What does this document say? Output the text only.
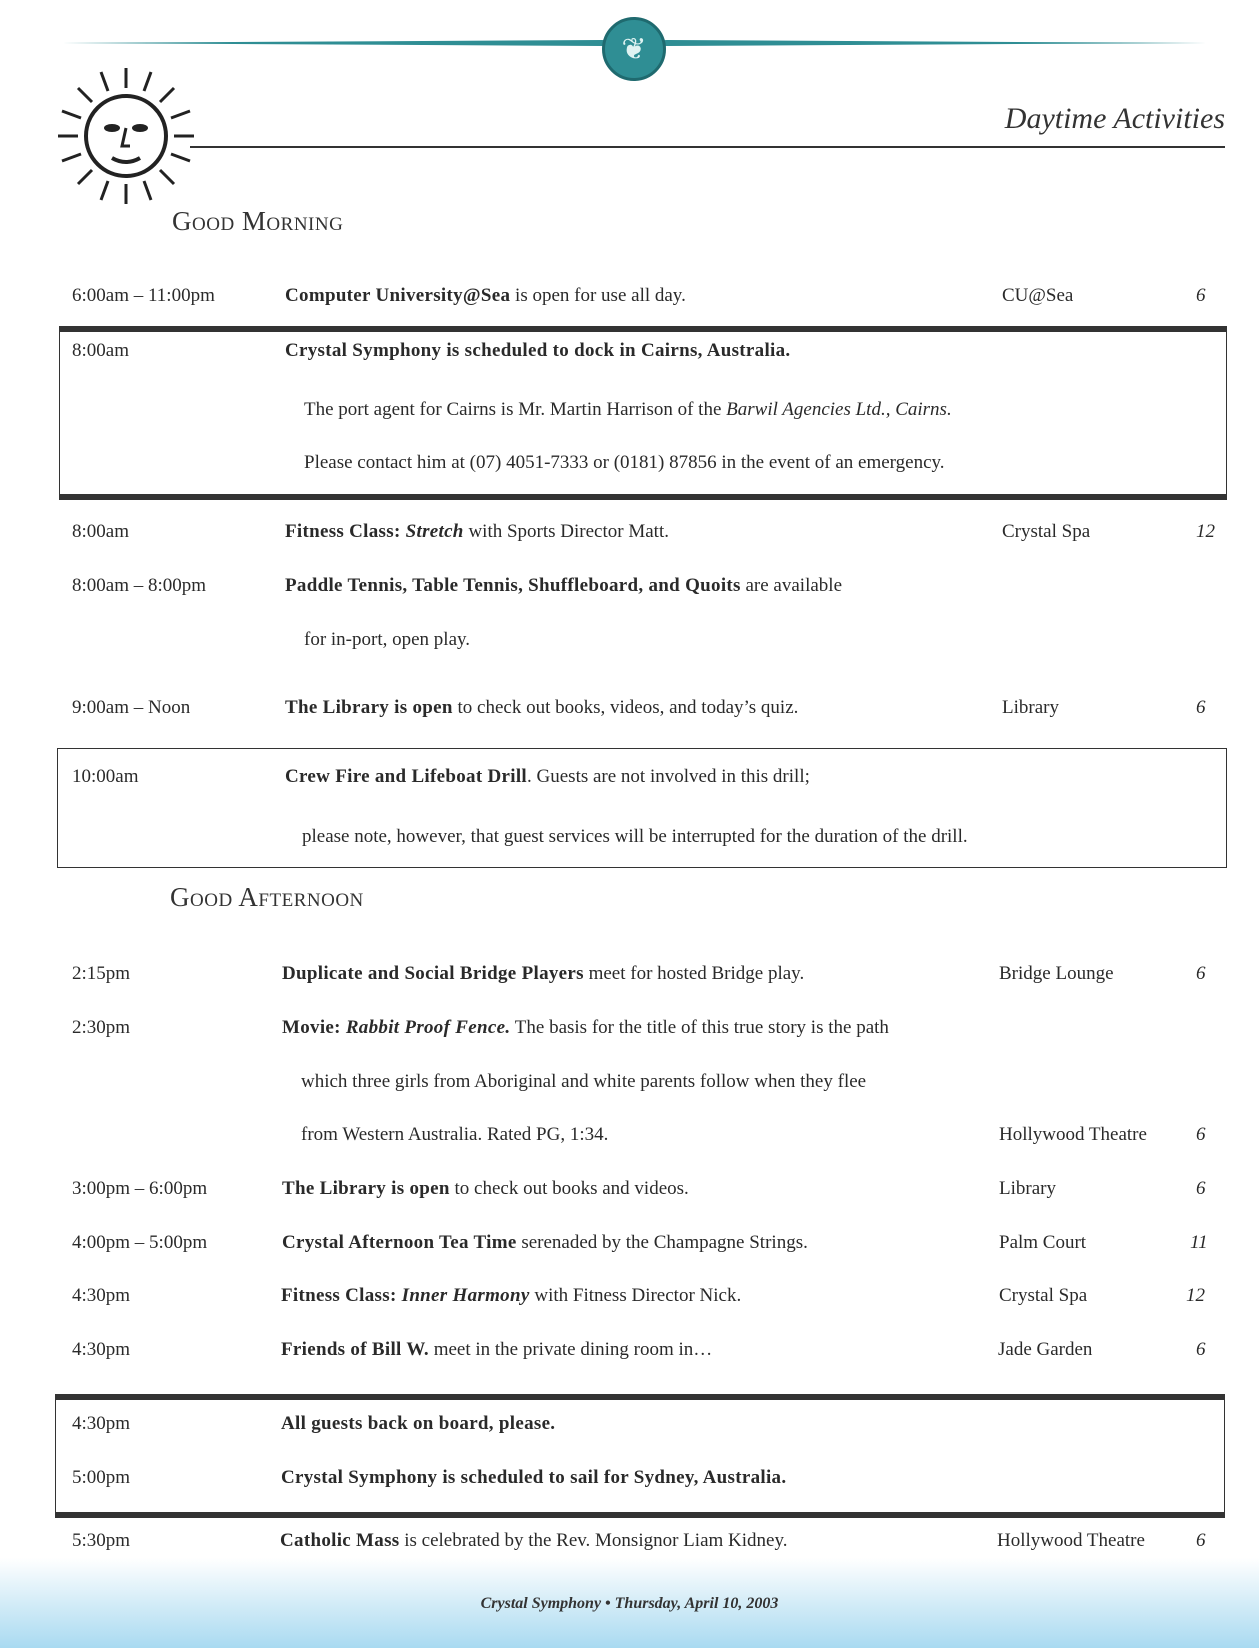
❦
Daytime Activities
Good Morning
6:00am – 11:00pm	Computer University@Sea is open for use all day.	CU@Sea	6
8:00am	Crystal Symphony is scheduled to dock in Cairns, Australia.
The port agent for Cairns is Mr. Martin Harrison of the Barwil Agencies Ltd., Cairns.
Please contact him at (07) 4051-7333 or (0181) 87856 in the event of an emergency.
8:00am	Fitness Class: Stretch with Sports Director Matt.	Crystal Spa	12
8:00am – 8:00pm	Paddle Tennis, Table Tennis, Shuffleboard, and Quoits are available
for in-port, open play.
9:00am – Noon	The Library is open to check out books, videos, and today’s quiz.	Library	6
10:00am	Crew Fire and Lifeboat Drill. Guests are not involved in this drill;
please note, however, that guest services will be interrupted for the duration of the drill.
Good Afternoon
2:15pm	Duplicate and Social Bridge Players meet for hosted Bridge play.	Bridge Lounge	6
2:30pm	Movie: Rabbit Proof Fence. The basis for the title of this true story is the path
which three girls from Aboriginal and white parents follow when they flee
from Western Australia. Rated PG, 1:34.	Hollywood Theatre	6
3:00pm – 6:00pm	The Library is open to check out books and videos.	Library	6
4:00pm – 5:00pm	Crystal Afternoon Tea Time serenaded by the Champagne Strings.	Palm Court	11
4:30pm	Fitness Class: Inner Harmony with Fitness Director Nick.	Crystal Spa	12
4:30pm	Friends of Bill W. meet in the private dining room in…	Jade Garden	6
4:30pm	All guests back on board, please.
5:00pm	Crystal Symphony is scheduled to sail for Sydney, Australia.
5:30pm	Catholic Mass is celebrated by the Rev. Monsignor Liam Kidney.	Hollywood Theatre	6
Crystal Symphony • Thursday, April 10, 2003
